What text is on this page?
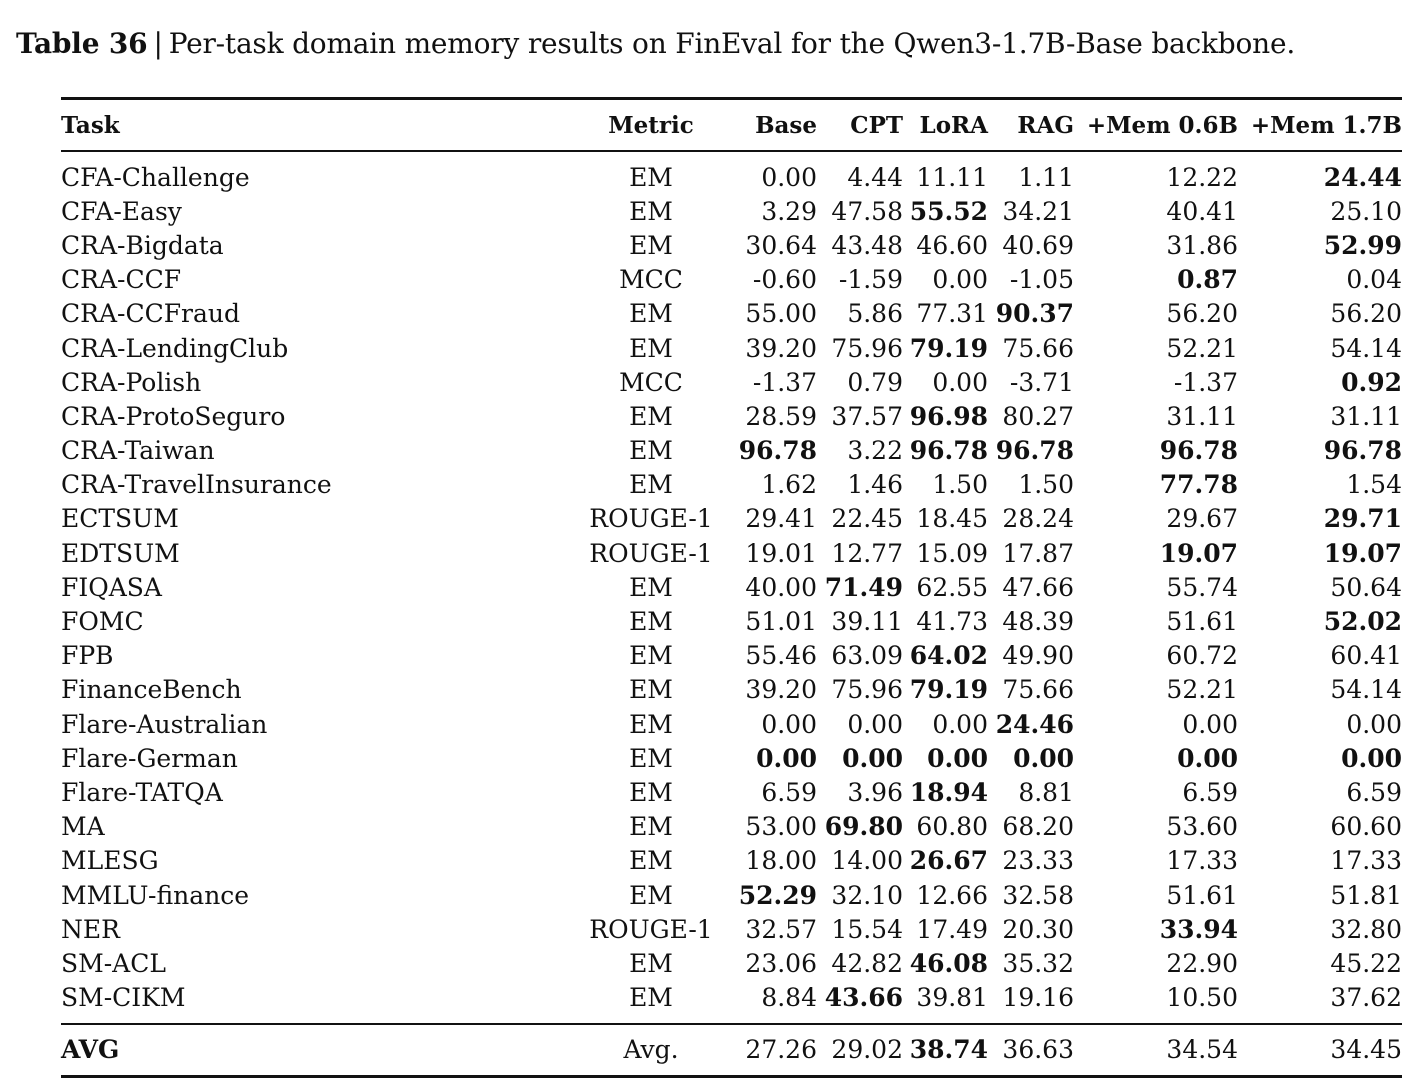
Table 36 | Per-task domain memory results on FinEval for the Qwen3-1.7B-Base backbone.
Task	Metric	Base	CPT	LoRA	RAG	+Mem 0.6B	+Mem 1.7B
CFA-Challenge	EM	0.00	4.44	11.11	1.11	12.22	24.44
CFA-Easy	EM	3.29	47.58	55.52	34.21	40.41	25.10
CRA-Bigdata	EM	30.64	43.48	46.60	40.69	31.86	52.99
CRA-CCF	MCC	-0.60	-1.59	0.00	-1.05	0.87	0.04
CRA-CCFraud	EM	55.00	5.86	77.31	90.37	56.20	56.20
CRA-LendingClub	EM	39.20	75.96	79.19	75.66	52.21	54.14
CRA-Polish	MCC	-1.37	0.79	0.00	-3.71	-1.37	0.92
CRA-ProtoSeguro	EM	28.59	37.57	96.98	80.27	31.11	31.11
CRA-Taiwan	EM	96.78	3.22	96.78	96.78	96.78	96.78
CRA-TravelInsurance	EM	1.62	1.46	1.50	1.50	77.78	1.54
ECTSUM	ROUGE-1	29.41	22.45	18.45	28.24	29.67	29.71
EDTSUM	ROUGE-1	19.01	12.77	15.09	17.87	19.07	19.07
FIQASA	EM	40.00	71.49	62.55	47.66	55.74	50.64
FOMC	EM	51.01	39.11	41.73	48.39	51.61	52.02
FPB	EM	55.46	63.09	64.02	49.90	60.72	60.41
FinanceBench	EM	39.20	75.96	79.19	75.66	52.21	54.14
Flare-Australian	EM	0.00	0.00	0.00	24.46	0.00	0.00
Flare-German	EM	0.00	0.00	0.00	0.00	0.00	0.00
Flare-TATQA	EM	6.59	3.96	18.94	8.81	6.59	6.59
MA	EM	53.00	69.80	60.80	68.20	53.60	60.60
MLESG	EM	18.00	14.00	26.67	23.33	17.33	17.33
MMLU-finance	EM	52.29	32.10	12.66	32.58	51.61	51.81
NER	ROUGE-1	32.57	15.54	17.49	20.30	33.94	32.80
SM-ACL	EM	23.06	42.82	46.08	35.32	22.90	45.22
SM-CIKM	EM	8.84	43.66	39.81	19.16	10.50	37.62
AVG	Avg.	27.26	29.02	38.74	36.63	34.54	34.45
